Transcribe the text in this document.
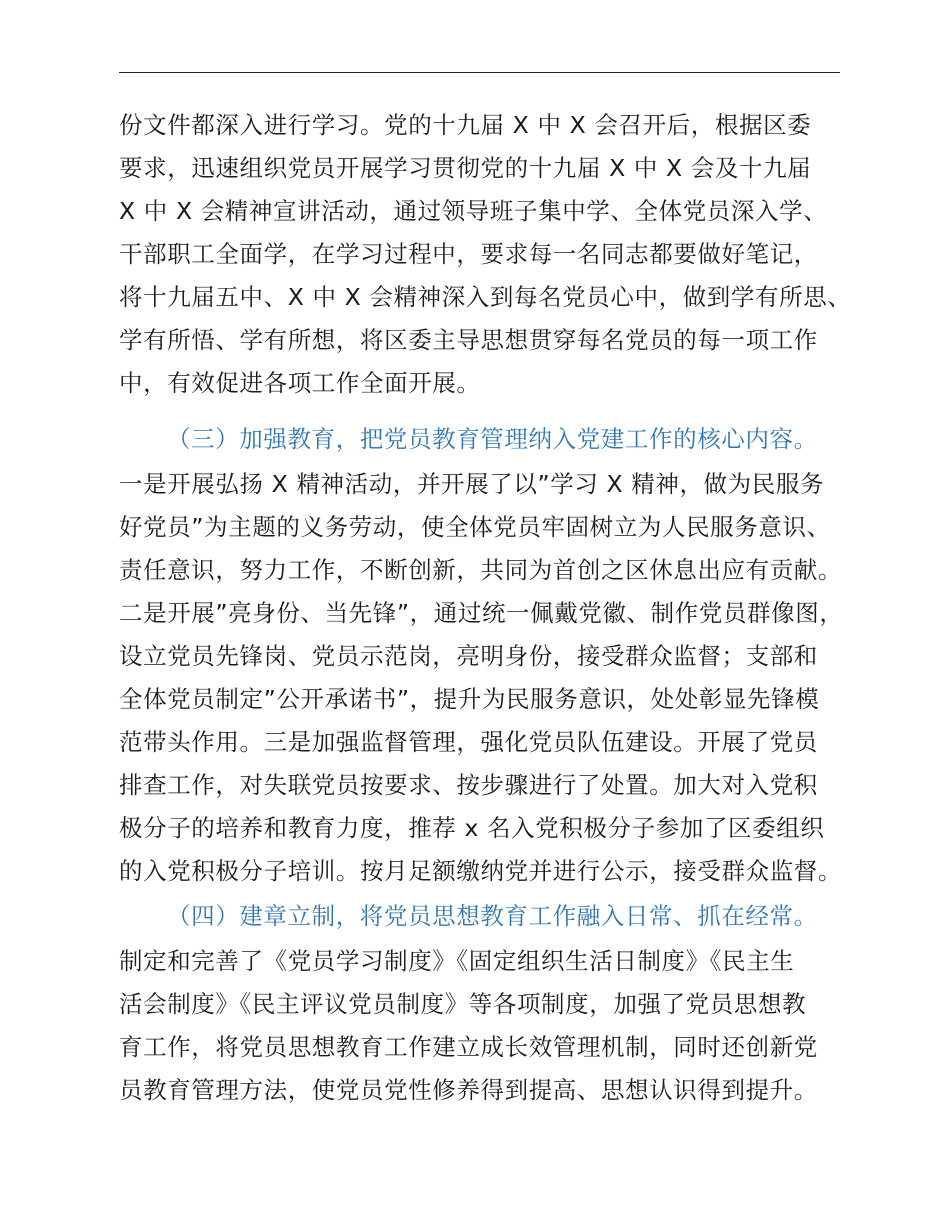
份文件都深入进行学习。党的十九届 X 中 X 会召开后，根据区委
要求，迅速组织党员开展学习贯彻党的十九届 X 中 X 会及十九届
X 中 X 会精神宣讲活动，通过领导班子集中学、全体党员深入学、
干部职工全面学，在学习过程中，要求每一名同志都要做好笔记，
将十九届五中、X 中 X 会精神深入到每名党员心中，做到学有所思、
学有所悟、学有所想，将区委主导思想贯穿每名党员的每一项工作
中，有效促进各项工作全面开展。
（三）加强教育，把党员教育管理纳入党建工作的核心内容。
一是开展弘扬 X 精神活动，并开展了以”学习 X 精神，做为民服务
好党员”为主题的义务劳动，使全体党员牢固树立为人民服务意识、
责任意识，努力工作，不断创新，共同为首创之区休息出应有贡献。
二是开展”亮身份、当先锋”，通过统一佩戴党徽、制作党员群像图，
设立党员先锋岗、党员示范岗，亮明身份，接受群众监督；支部和
全体党员制定”公开承诺书”，提升为民服务意识，处处彰显先锋模
范带头作用。三是加强监督管理，强化党员队伍建设。开展了党员
排查工作，对失联党员按要求、按步骤进行了处置。加大对入党积
极分子的培养和教育力度，推荐 x 名入党积极分子参加了区委组织
的入党积极分子培训。按月足额缴纳党并进行公示，接受群众监督。
（四）建章立制，将党员思想教育工作融入日常、抓在经常。
制定和完善了《党员学习制度》《固定组织生活日制度》《民主生
活会制度》《民主评议党员制度》等各项制度，加强了党员思想教
育工作，将党员思想教育工作建立成长效管理机制，同时还创新党
员教育管理方法，使党员党性修养得到提高、思想认识得到提升。
